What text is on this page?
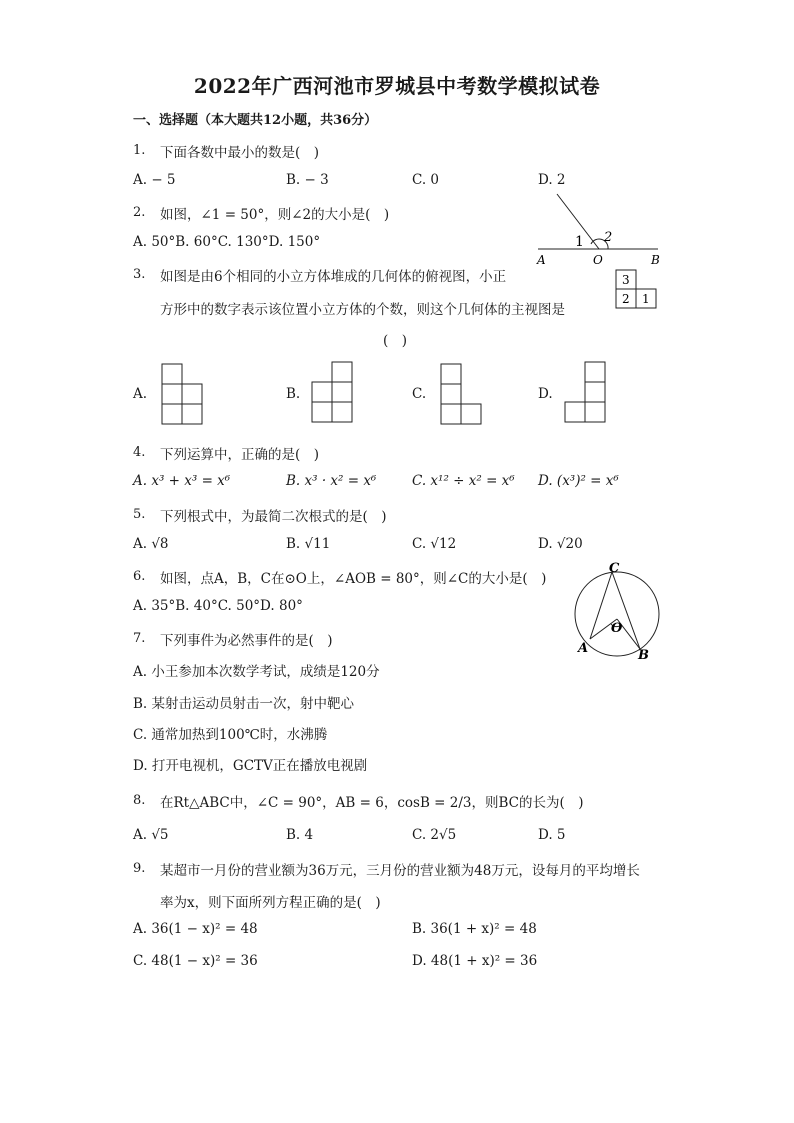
2022年广西河池市罗城县中考数学模拟试卷
一、选择题（本大题共12小题，共36分）
1. 下面各数中最小的数是(　)
A. − 5	B. − 3	C. 0	D. 2
2. 如图，∠1 = 50°，则∠2的大小是(　)
A. 50°B. 60°C. 130°D. 150°	1 2
A	O	B
3. 如图是由6个相同的小立方体堆成的几何体的俯视图，小正
方形中的数字表示该位置小立方体的个数，则这个几何体的主视图是
(　)
3
2 1
A.	B.	C.	D.
4. 下列运算中，正确的是(　)
A. x³ + x³ = x⁶	B. x³ · x² = x⁶	C. x¹² ÷ x² = x⁶ D. (x³)² = x⁶
5. 下列根式中，为最简二次根式的是(　)
A. √8	B. √11	C. √12	D. √20
6. 如图，点A，B，C在⊙O上，∠AOB = 80°，则∠C的大小是(　)
A. 35°B. 40°C. 50°D. 80°
C
O
A	B
7. 下列事件为必然事件的是(　)
A. 小王参加本次数学考试，成绩是120分
B. 某射击运动员射击一次，射中靶心
C. 通常加热到100℃时，水沸腾
D. 打开电视机，GCTV正在播放电视剧
8. 在Rt△ABC中，∠C = 90°，AB = 6，cosB = 2/3，则BC的长为(　)
A. √5	B. 4	C. 2√5	D. 5
9. 某超市一月份的营业额为36万元，三月份的营业额为48万元，设每月的平均增长
率为x，则下面所列方程正确的是(　)
A. 36(1 − x)² = 48	B. 36(1 + x)² = 48
C. 48(1 − x)² = 36	D. 48(1 + x)² = 36
